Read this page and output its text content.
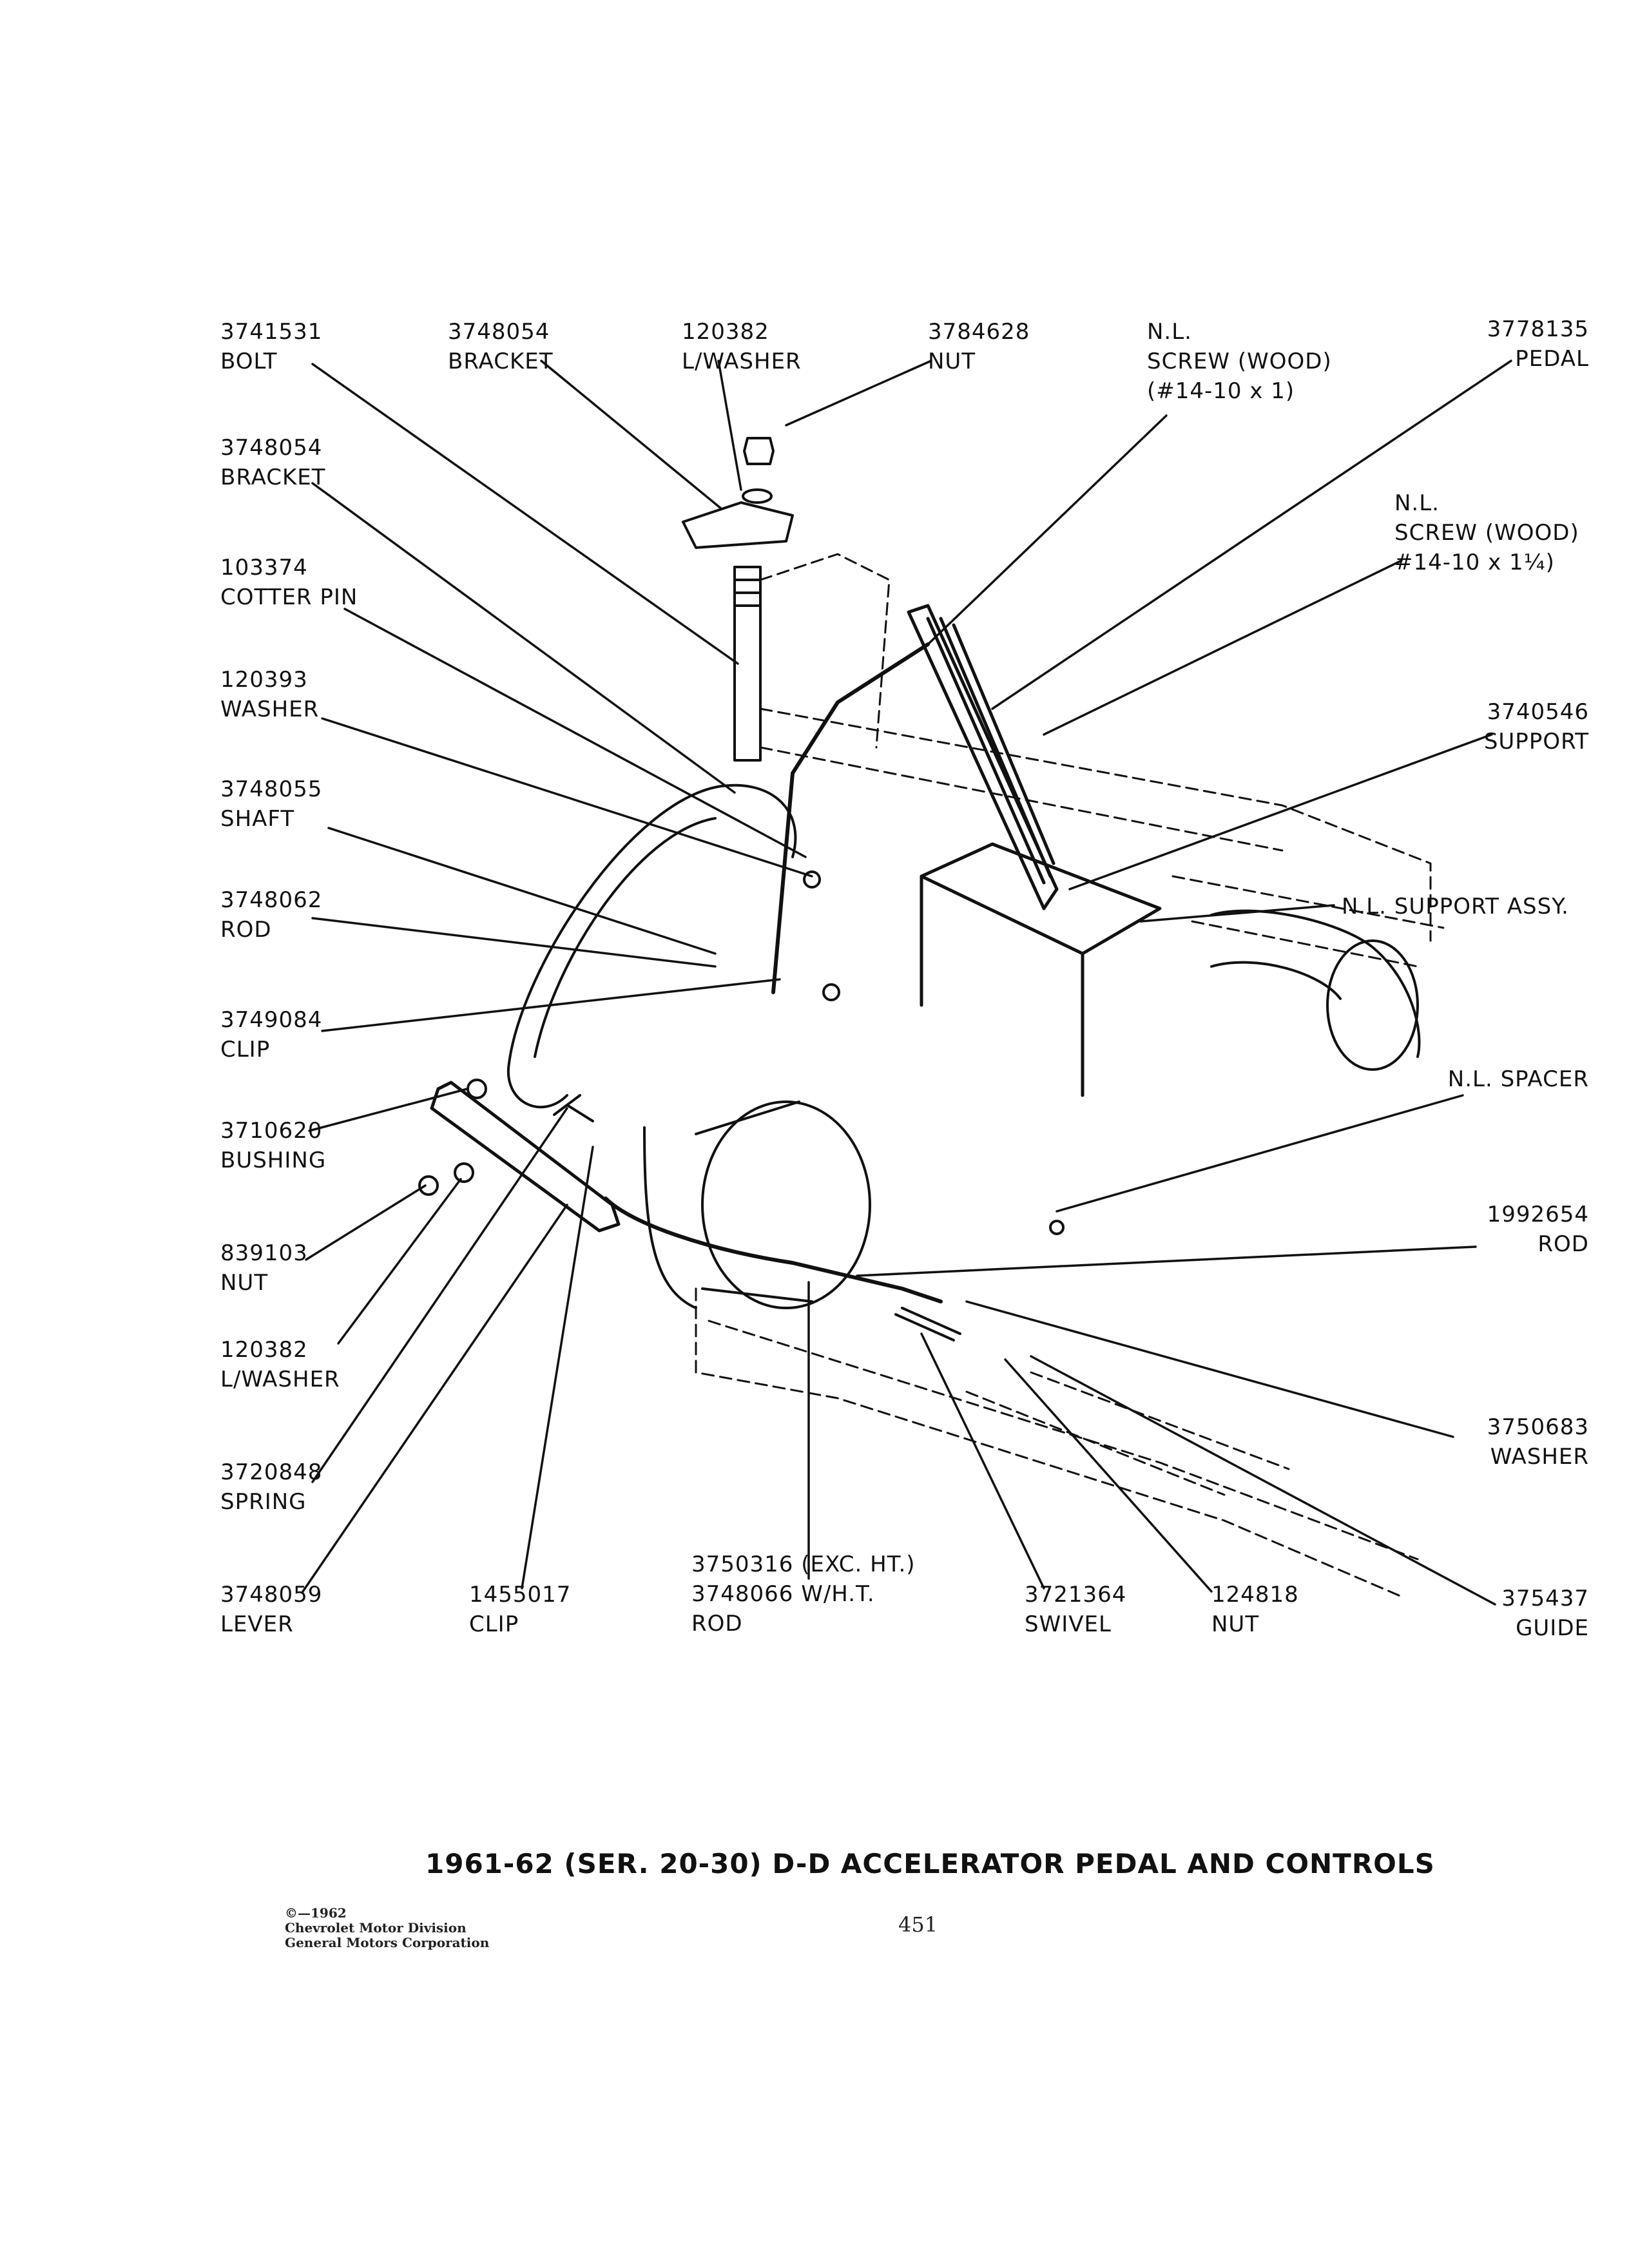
3741531
BOLT
3748054
BRACKET
120382
L/WASHER
3784628
NUT
N.L.
SCREW (WOOD)
(#14-10 x 1)
3778135
PEDAL
3748054
BRACKET
N.L.
SCREW (WOOD)
#14-10 x 1¼)
103374
COTTER PIN
120393
WASHER	3740546
SUPPORT
3748055
SHAFT
3748062
ROD
N.L. SUPPORT ASSY.
3749084
CLIP
N.L. SPACER
3710620
BUSHING
839103
NUT
1992654
ROD
120382
L/WASHER
3750683
WASHER
3720848
SPRING
3748059
LEVER
1455017
CLIP
3750316 (EXC. HT.)
3748066 W/H.T.
ROD
3721364
SWIVEL
124818
NUT
375437
GUIDE
1961-62 (SER. 20-30) D-D ACCELERATOR PEDAL AND CONTROLS
©—1962
Chevrolet Motor Division
General Motors Corporation
451
